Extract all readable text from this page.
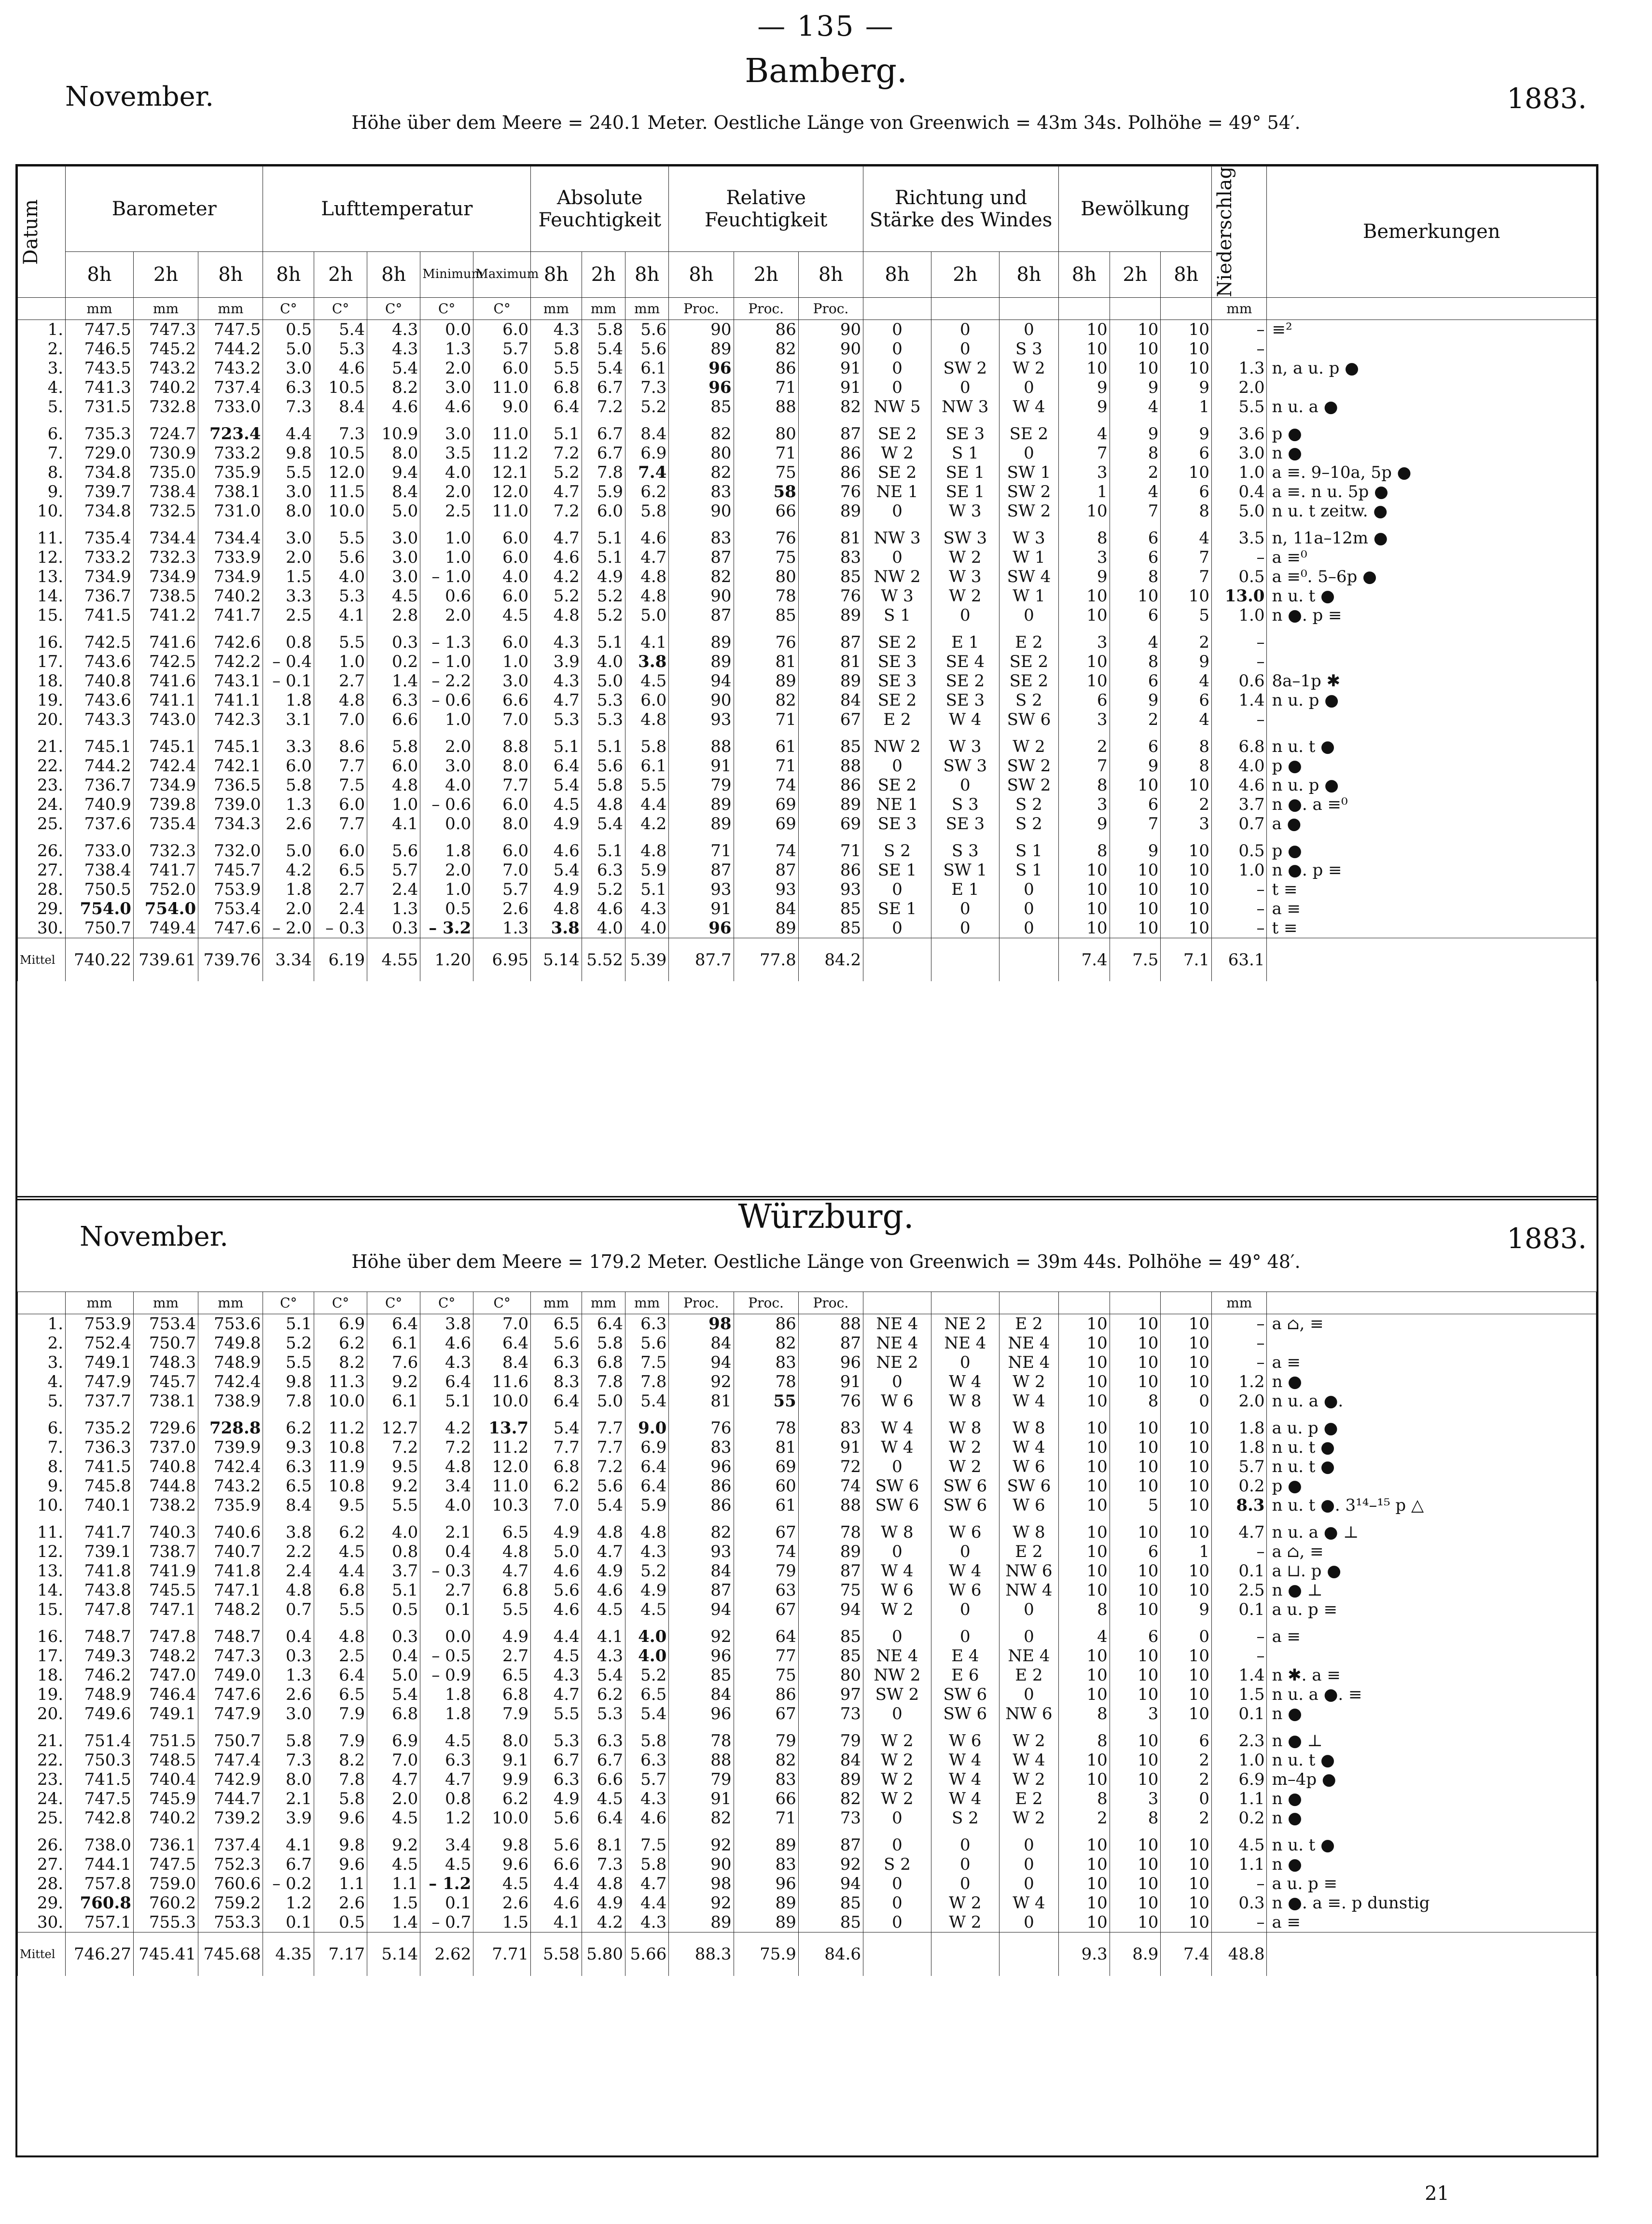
— 135 —
November.
Bamberg.
1883.
Höhe über dem Meere = 240.1 Meter. Oestliche Länge von Greenwich = 43m 34s. Polhöhe = 49° 54′.
Datum	Barometer			Lufttemperatur					Absolute Feuchtigkeit			Relative Feuchtigkeit			Richtung und Stärke des Windes			Bewölkung			Niederschlag	Bemerkungen
	8h	2h	8h	8h	2h	8h	Minimum	Maximum	8h	2h	8h	8h	2h	8h	8h	2h	8h	8h	2h	8h		
	mm	mm	mm	C°	C°	C°	C°	C°	mm	mm	mm	Proc.	Proc.	Proc.							mm	
1.	747.5	747.3	747.5	0.5	5.4	4.3	0.0	6.0	4.3	5.8	5.6	90	86	90	0	0	0	10	10	10	–	≡²
2.	746.5	745.2	744.2	5.0	5.3	4.3	1.3	5.7	5.8	5.4	5.6	89	82	90	0	0	S 3	10	10	10	–	
3.	743.5	743.2	743.2	3.0	4.6	5.4	2.0	6.0	5.5	5.4	6.1	96	86	91	0	SW 2	W 2	10	10	10	1.3	n, a u. p ●
4.	741.3	740.2	737.4	6.3	10.5	8.2	3.0	11.0	6.8	6.7	7.3	96	71	91	0	0	0	9	9	9	2.0	
5.	731.5	732.8	733.0	7.3	8.4	4.6	4.6	9.0	6.4	7.2	5.2	85	88	82	NW 5	NW 3	W 4	9	4	1	5.5	n u. a ●

6.	735.3	724.7	723.4	4.4	7.3	10.9	3.0	11.0	5.1	6.7	8.4	82	80	87	SE 2	SE 3	SE 2	4	9	9	3.6	p ●
7.	729.0	730.9	733.2	9.8	10.5	8.0	3.5	11.2	7.2	6.7	6.9	80	71	86	W 2	S 1	0	7	8	6	3.0	n ●
8.	734.8	735.0	735.9	5.5	12.0	9.4	4.0	12.1	5.2	7.8	7.4	82	75	86	SE 2	SE 1	SW 1	3	2	10	1.0	a ≡. 9–10a, 5p ●
9.	739.7	738.4	738.1	3.0	11.5	8.4	2.0	12.0	4.7	5.9	6.2	83	58	76	NE 1	SE 1	SW 2	1	4	6	0.4	a ≡. n u. 5p ●
10.	734.8	732.5	731.0	8.0	10.0	5.0	2.5	11.0	7.2	6.0	5.8	90	66	89	0	W 3	SW 2	10	7	8	5.0	n u. t zeitw. ●

11.	735.4	734.4	734.4	3.0	5.5	3.0	1.0	6.0	4.7	5.1	4.6	83	76	81	NW 3	SW 3	W 3	8	6	4	3.5	n, 11a–12m ●
12.	733.2	732.3	733.9	2.0	5.6	3.0	1.0	6.0	4.6	5.1	4.7	87	75	83	0	W 2	W 1	3	6	7	–	a ≡⁰
13.	734.9	734.9	734.9	1.5	4.0	3.0	– 1.0	4.0	4.2	4.9	4.8	82	80	85	NW 2	W 3	SW 4	9	8	7	0.5	a ≡⁰. 5–6p ●
14.	736.7	738.5	740.2	3.3	5.3	4.5	0.6	6.0	5.2	5.2	4.8	90	78	76	W 3	W 2	W 1	10	10	10	13.0	n u. t ●
15.	741.5	741.2	741.7	2.5	4.1	2.8	2.0	4.5	4.8	5.2	5.0	87	85	89	S 1	0	0	10	6	5	1.0	n ●. p ≡

16.	742.5	741.6	742.6	0.8	5.5	0.3	– 1.3	6.0	4.3	5.1	4.1	89	76	87	SE 2	E 1	E 2	3	4	2	–	
17.	743.6	742.5	742.2	– 0.4	1.0	0.2	– 1.0	1.0	3.9	4.0	3.8	89	81	81	SE 3	SE 4	SE 2	10	8	9	–	
18.	740.8	741.6	743.1	– 0.1	2.7	1.4	– 2.2	3.0	4.3	5.0	4.5	94	89	89	SE 3	SE 2	SE 2	10	6	4	0.6	8a–1p ✱
19.	743.6	741.1	741.1	1.8	4.8	6.3	– 0.6	6.6	4.7	5.3	6.0	90	82	84	SE 2	SE 3	S 2	6	9	6	1.4	n u. p ●
20.	743.3	743.0	742.3	3.1	7.0	6.6	1.0	7.0	5.3	5.3	4.8	93	71	67	E 2	W 4	SW 6	3	2	4	–	

21.	745.1	745.1	745.1	3.3	8.6	5.8	2.0	8.8	5.1	5.1	5.8	88	61	85	NW 2	W 3	W 2	2	6	8	6.8	n u. t ●
22.	744.2	742.4	742.1	6.0	7.7	6.0	3.0	8.0	6.4	5.6	6.1	91	71	88	0	SW 3	SW 2	7	9	8	4.0	p ●
23.	736.7	734.9	736.5	5.8	7.5	4.8	4.0	7.7	5.4	5.8	5.5	79	74	86	SE 2	0	SW 2	8	10	10	4.6	n u. p ●
24.	740.9	739.8	739.0	1.3	6.0	1.0	– 0.6	6.0	4.5	4.8	4.4	89	69	89	NE 1	S 3	S 2	3	6	2	3.7	n ●. a ≡⁰
25.	737.6	735.4	734.3	2.6	7.7	4.1	0.0	8.0	4.9	5.4	4.2	89	69	69	SE 3	SE 3	S 2	9	7	3	0.7	a ●

26.	733.0	732.3	732.0	5.0	6.0	5.6	1.8	6.0	4.6	5.1	4.8	71	74	71	S 2	S 3	S 1	8	9	10	0.5	p ●
27.	738.4	741.7	745.7	4.2	6.5	5.7	2.0	7.0	5.4	6.3	5.9	87	87	86	SE 1	SW 1	S 1	10	10	10	1.0	n ●. p ≡
28.	750.5	752.0	753.9	1.8	2.7	2.4	1.0	5.7	4.9	5.2	5.1	93	93	93	0	E 1	0	10	10	10	–	t ≡
29.	754.0	754.0	753.4	2.0	2.4	1.3	0.5	2.6	4.8	4.6	4.3	91	84	85	SE 1	0	0	10	10	10	–	a ≡
30.	750.7	749.4	747.6	– 2.0	– 0.3	0.3	– 3.2	1.3	3.8	4.0	4.0	96	89	85	0	0	0	10	10	10	–	t ≡
Mittel	740.22	739.61	739.76	3.34	6.19	4.55	1.20	6.95	5.14	5.52	5.39	87.7	77.8	84.2				7.4	7.5	7.1	63.1	
November.
Würzburg.
1883.
Höhe über dem Meere = 179.2 Meter. Oestliche Länge von Greenwich = 39m 44s. Polhöhe = 49° 48′.
	mm	mm	mm	C°	C°	C°	C°	C°	mm	mm	mm	Proc.	Proc.	Proc.							mm	
1.	753.9	753.4	753.6	5.1	6.9	6.4	3.8	7.0	6.5	6.4	6.3	98	86	88	NE 4	NE 2	E 2	10	10	10	–	a ⌂, ≡
2.	752.4	750.7	749.8	5.2	6.2	6.1	4.6	6.4	5.6	5.8	5.6	84	82	87	NE 4	NE 4	NE 4	10	10	10	–	
3.	749.1	748.3	748.9	5.5	8.2	7.6	4.3	8.4	6.3	6.8	7.5	94	83	96	NE 2	0	NE 4	10	10	10	–	a ≡
4.	747.9	745.7	742.4	9.8	11.3	9.2	6.4	11.6	8.3	7.8	7.8	92	78	91	0	W 4	W 2	10	10	10	1.2	n ●
5.	737.7	738.1	738.9	7.8	10.0	6.1	5.1	10.0	6.4	5.0	5.4	81	55	76	W 6	W 8	W 4	10	8	0	2.0	n u. a ●.

6.	735.2	729.6	728.8	6.2	11.2	12.7	4.2	13.7	5.4	7.7	9.0	76	78	83	W 4	W 8	W 8	10	10	10	1.8	a u. p ●
7.	736.3	737.0	739.9	9.3	10.8	7.2	7.2	11.2	7.7	7.7	6.9	83	81	91	W 4	W 2	W 4	10	10	10	1.8	n u. t ●
8.	741.5	740.8	742.4	6.3	11.9	9.5	4.8	12.0	6.8	7.2	6.4	96	69	72	0	W 2	W 6	10	10	10	5.7	n u. t ●
9.	745.8	744.8	743.2	6.5	10.8	9.2	3.4	11.0	6.2	5.6	6.4	86	60	74	SW 6	SW 6	SW 6	10	10	10	0.2	p ●
10.	740.1	738.2	735.9	8.4	9.5	5.5	4.0	10.3	7.0	5.4	5.9	86	61	88	SW 6	SW 6	W 6	10	5	10	8.3	n u. t ●. 3¹⁴–¹⁵ p △

11.	741.7	740.3	740.6	3.8	6.2	4.0	2.1	6.5	4.9	4.8	4.8	82	67	78	W 8	W 6	W 8	10	10	10	4.7	n u. a ● ⊥
12.	739.1	738.7	740.7	2.2	4.5	0.8	0.4	4.8	5.0	4.7	4.3	93	74	89	0	0	E 2	10	6	1	–	a ⌂, ≡
13.	741.8	741.9	741.8	2.4	4.4	3.7	– 0.3	4.7	4.6	4.9	5.2	84	79	87	W 4	W 4	NW 6	10	10	10	0.1	a ⊔. p ●
14.	743.8	745.5	747.1	4.8	6.8	5.1	2.7	6.8	5.6	4.6	4.9	87	63	75	W 6	W 6	NW 4	10	10	10	2.5	n ● ⊥
15.	747.8	747.1	748.2	0.7	5.5	0.5	0.1	5.5	4.6	4.5	4.5	94	67	94	W 2	0	0	8	10	9	0.1	a u. p ≡

16.	748.7	747.8	748.7	0.4	4.8	0.3	0.0	4.9	4.4	4.1	4.0	92	64	85	0	0	0	4	6	0	–	a ≡
17.	749.3	748.2	747.3	0.3	2.5	0.4	– 0.5	2.7	4.5	4.3	4.0	96	77	85	NE 4	E 4	NE 4	10	10	10	–	
18.	746.2	747.0	749.0	1.3	6.4	5.0	– 0.9	6.5	4.3	5.4	5.2	85	75	80	NW 2	E 6	E 2	10	10	10	1.4	n ✱. a ≡
19.	748.9	746.4	747.6	2.6	6.5	5.4	1.8	6.8	4.7	6.2	6.5	84	86	97	SW 2	SW 6	0	10	10	10	1.5	n u. a ●. ≡
20.	749.6	749.1	747.9	3.0	7.9	6.8	1.8	7.9	5.5	5.3	5.4	96	67	73	0	SW 6	NW 6	8	3	10	0.1	n ●

21.	751.4	751.5	750.7	5.8	7.9	6.9	4.5	8.0	5.3	6.3	5.8	78	79	79	W 2	W 6	W 2	8	10	6	2.3	n ● ⊥
22.	750.3	748.5	747.4	7.3	8.2	7.0	6.3	9.1	6.7	6.7	6.3	88	82	84	W 2	W 4	W 4	10	10	2	1.0	n u. t ●
23.	741.5	740.4	742.9	8.0	7.8	4.7	4.7	9.9	6.3	6.6	5.7	79	83	89	W 2	W 4	W 2	10	10	2	6.9	m–4p ●
24.	747.5	745.9	744.7	2.1	5.8	2.0	0.8	6.2	4.9	4.5	4.3	91	66	82	W 2	W 4	E 2	8	3	0	1.1	n ●
25.	742.8	740.2	739.2	3.9	9.6	4.5	1.2	10.0	5.6	6.4	4.6	82	71	73	0	S 2	W 2	2	8	2	0.2	n ●

26.	738.0	736.1	737.4	4.1	9.8	9.2	3.4	9.8	5.6	8.1	7.5	92	89	87	0	0	0	10	10	10	4.5	n u. t ●
27.	744.1	747.5	752.3	6.7	9.6	4.5	4.5	9.6	6.6	7.3	5.8	90	83	92	S 2	0	0	10	10	10	1.1	n ●
28.	757.8	759.0	760.6	– 0.2	1.1	1.1	– 1.2	4.5	4.4	4.8	4.7	98	96	94	0	0	0	10	10	10	–	a u. p ≡
29.	760.8	760.2	759.2	1.2	2.6	1.5	0.1	2.6	4.6	4.9	4.4	92	89	85	0	W 2	W 4	10	10	10	0.3	n ●. a ≡. p dunstig
30.	757.1	755.3	753.3	0.1	0.5	1.4	– 0.7	1.5	4.1	4.2	4.3	89	89	85	0	W 2	0	10	10	10	–	a ≡
Mittel	746.27	745.41	745.68	4.35	7.17	5.14	2.62	7.71	5.58	5.80	5.66	88.3	75.9	84.6				9.3	8.9	7.4	48.8	
21
